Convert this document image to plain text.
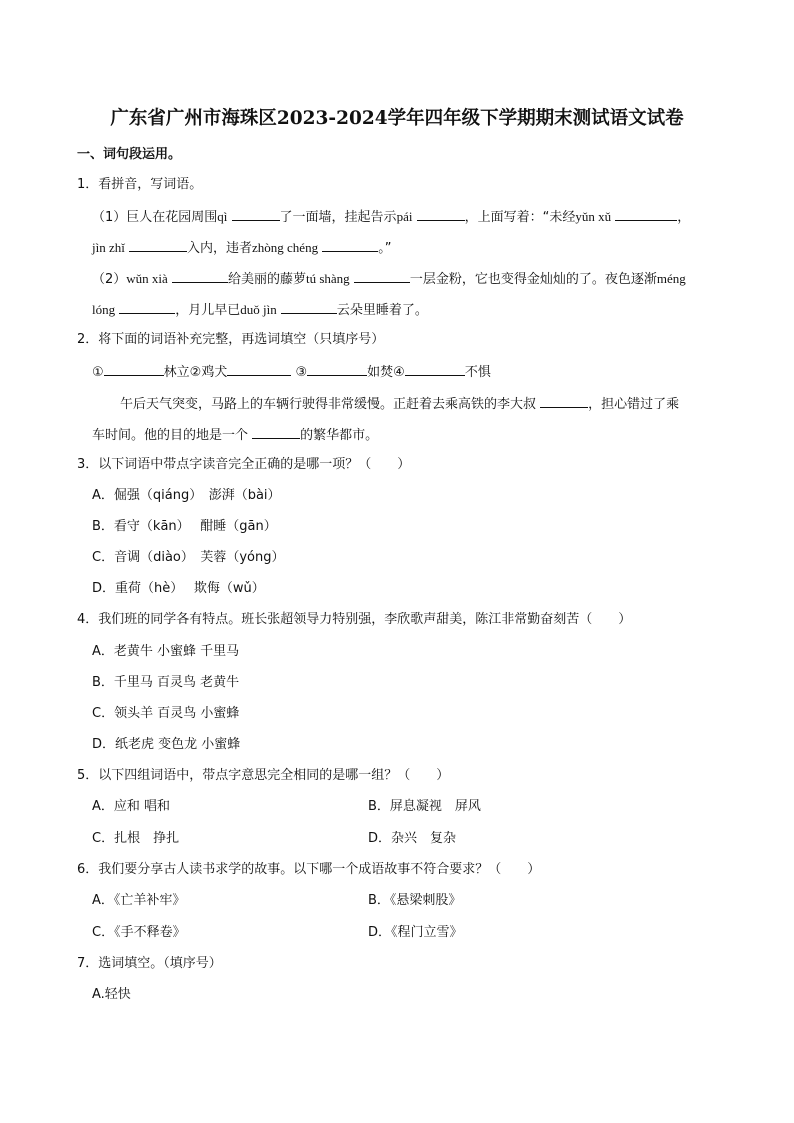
广东省广州市海珠区2023-2024学年四年级下学期期末测试语文试卷
一、词句段运用。
1．看拼音，写词语。
（1）巨人在花园周围qì	了一面墙，挂起告示pái	，上面写着：“未经yǔn xǔ	，
jìn zhǐ	入内，违者zhòng chéng	。”
（2）wǔn xià	给美丽的藤萝tú shàng	一层金粉，它也变得金灿灿的了。夜色逐渐méng
lóng	，月儿早已duǒ jìn	云朵里睡着了。
2．将下面的词语补充完整，再选词填空（只填序号）
①	林立②鸡犬	③	如焚④	不惧
午后天气突变，马路上的车辆行驶得非常缓慢。正赶着去乘高铁的李大叔	，担心错过了乘
车时间。他的目的地是一个	的繁华都市。
3．以下词语中带点字读音完全正确的是哪一项？（　　）
A．倔强（qiáng）　澎湃（bài）
B．看守（kān）　 酣睡（gān）
C．音调（diào）　芙蓉（yóng）
D．重荷（hè）　 欺侮（wǔ）
4．我们班的同学各有特点。班长张超领导力特别强，李欣歌声甜美，陈江非常勤奋刻苦（　　）
A．老黄牛 小蜜蜂 千里马
B．千里马 百灵鸟 老黄牛
C．领头羊 百灵鸟 小蜜蜂
D．纸老虎 变色龙 小蜜蜂
5．以下四组词语中，带点字意思完全相同的是哪一组？（　　）
A．应和 唱和	B．屏息凝视　屏风
C．扎根　挣扎	D．杂兴　复杂
6．我们要分享古人读书求学的故事。以下哪一个成语故事不符合要求？（　　）
A．《亡羊补牢》	B．《悬梁刺股》
C．《手不释卷》	D．《程门立雪》
7．选词填空。（填序号）
A.轻快
